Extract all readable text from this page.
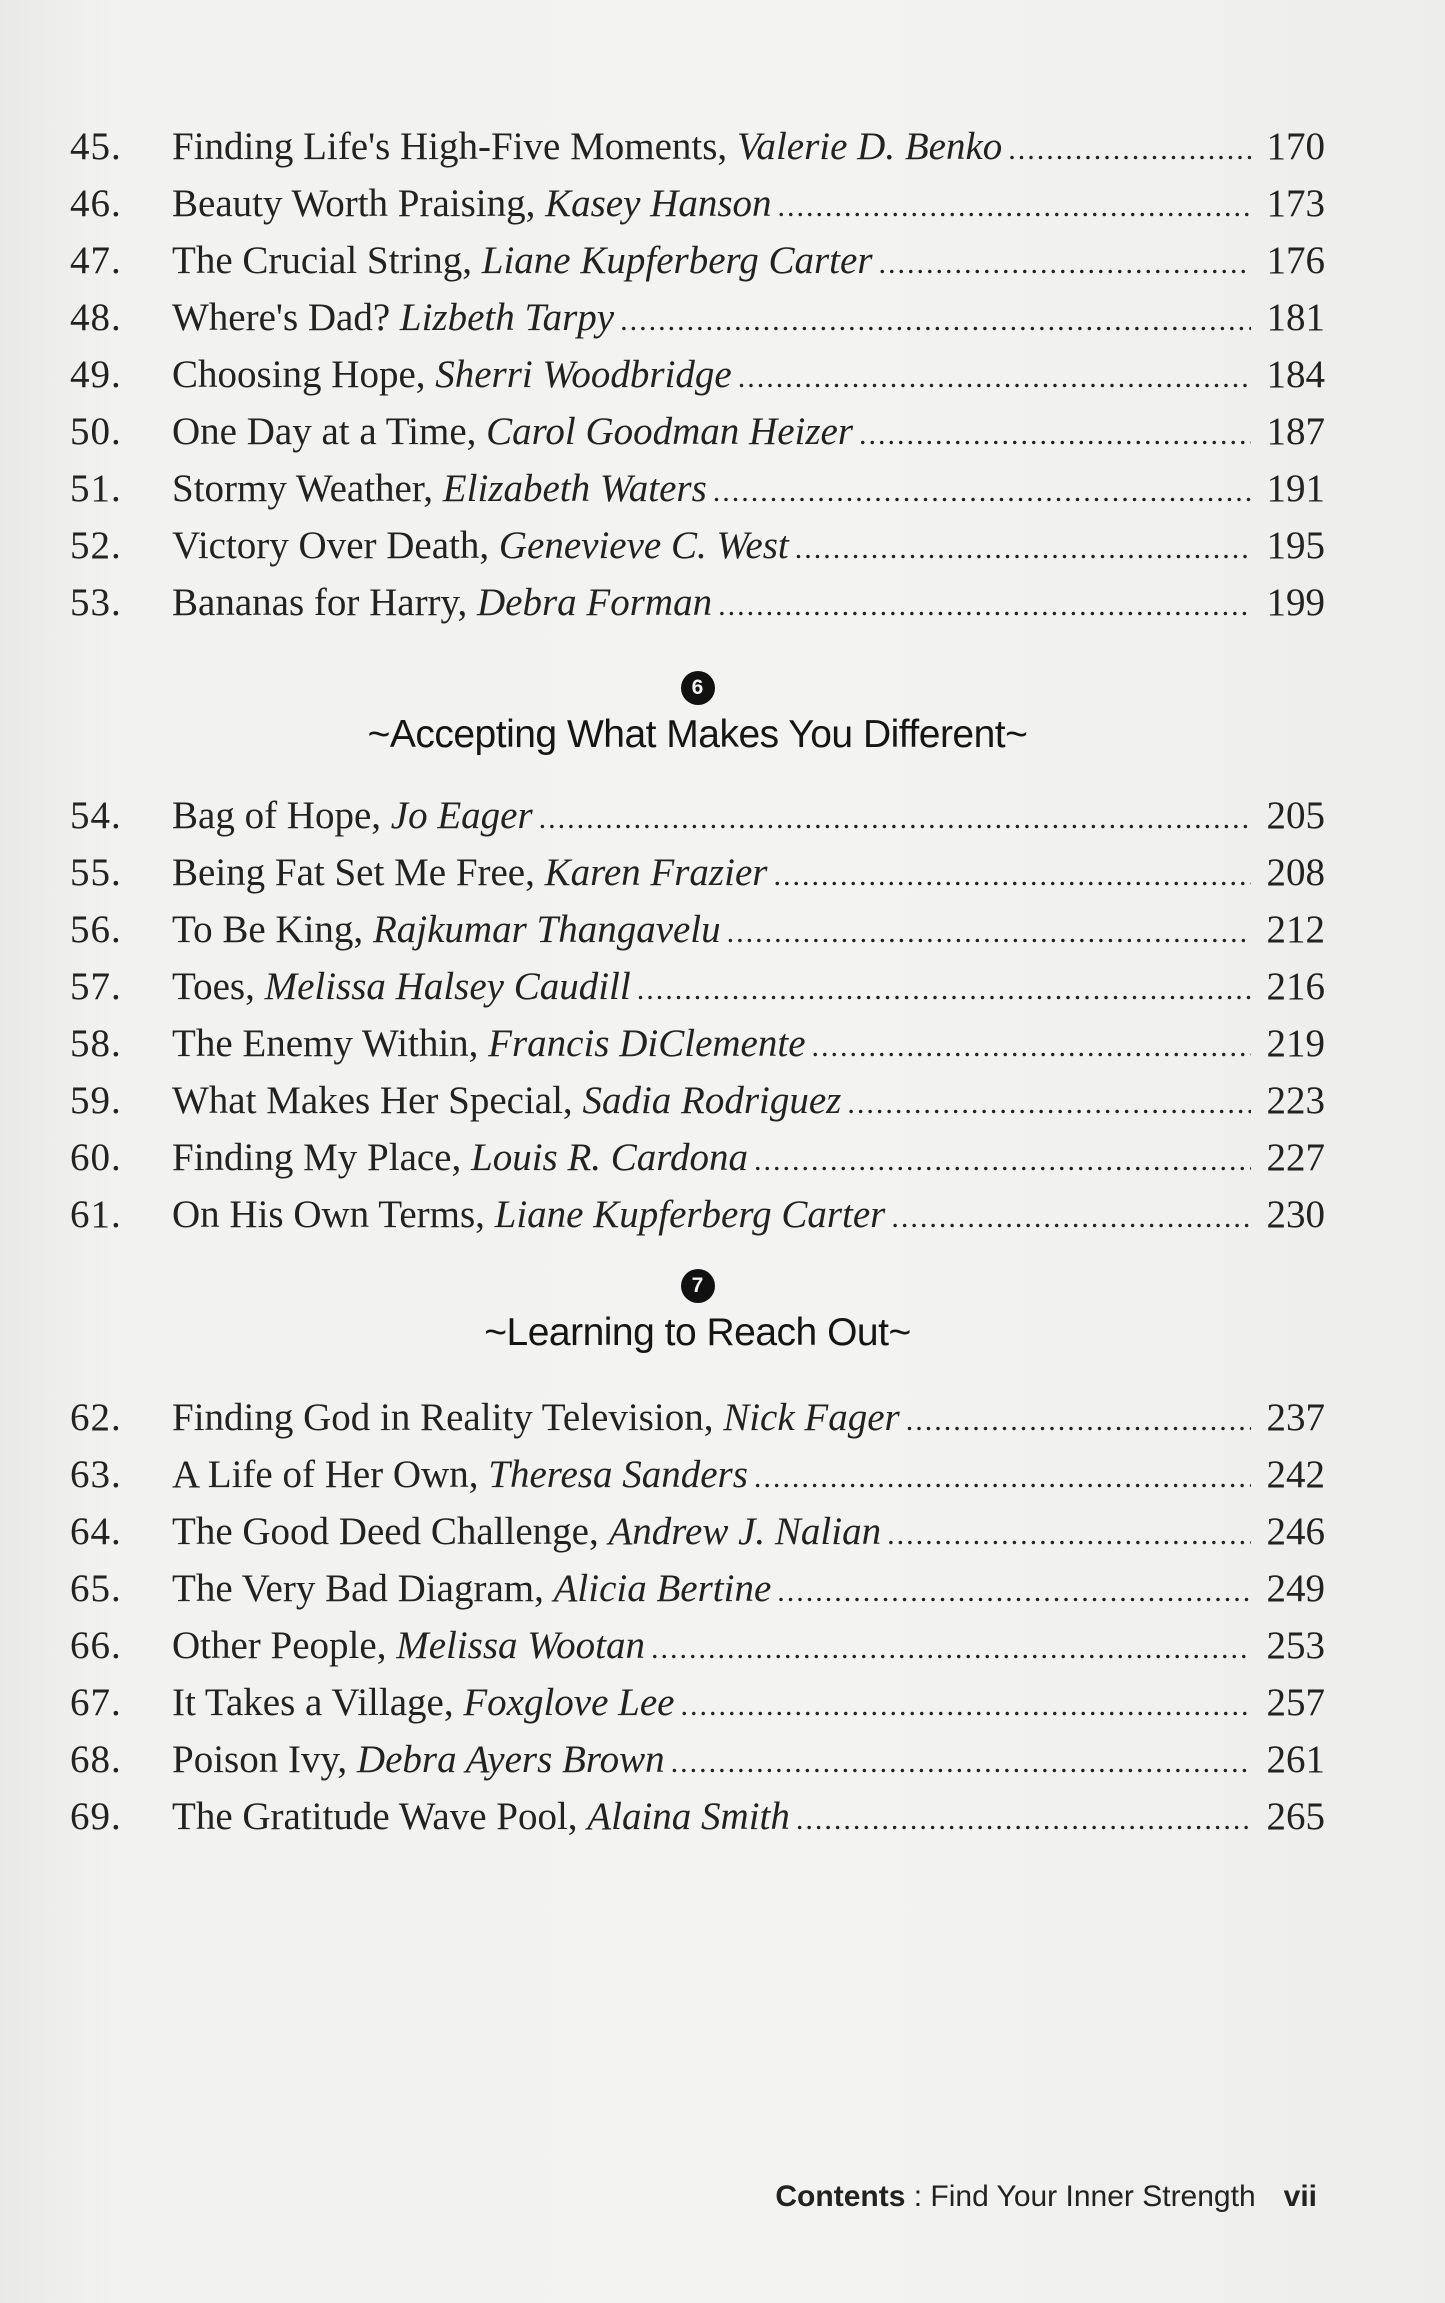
45.	Finding Life's High-Five Moments,
Valerie D. Benko .....	170
46.	Beauty Worth Praising,
Kasey Hanson .....	173
47.	The Crucial String,
Liane Kupferberg Carter .....	176
48.	Where's Dad?
Lizbeth Tarpy .....	181
49.	Choosing Hope,
Sherri Woodbridge .....	184
50.	One Day at a Time,
Carol Goodman Heizer .....	187
51.	Stormy Weather,
Elizabeth Waters .....	191
52.	Victory Over Death,
Genevieve C. West .....	195
53.	Bananas for Harry,
Debra Forman .....	199
6
~Accepting What Makes You Different~
54.	Bag of Hope,
Jo Eager .....	205
55.	Being Fat Set Me Free,
Karen Frazier .....	208
56.	To Be King,
Rajkumar Thangavelu .....	212
57.	Toes,
Melissa Halsey Caudill .....	216
58.	The Enemy Within,
Francis DiClemente .....	219
59.	What Makes Her Special,
Sadia Rodriguez .....	223
60.	Finding My Place,
Louis R. Cardona .....	227
61.	On His Own Terms,
Liane Kupferberg Carter .....	230
7
~Learning to Reach Out~
62.	Finding God in Reality Television,
Nick Fager .....	237
63.	A Life of Her Own,
Theresa Sanders .....	242
64.	The Good Deed Challenge,
Andrew J. Nalian .....	246
65.	The Very Bad Diagram,
Alicia Bertine .....	249
66.	Other People,
Melissa Wootan .....	253
67.	It Takes a Village,
Foxglove Lee .....	257
68.	Poison Ivy,
Debra Ayers Brown .....	261
69.	The Gratitude Wave Pool,
Alaina Smith .....	265
Contents : Find Your Inner Strength vii
